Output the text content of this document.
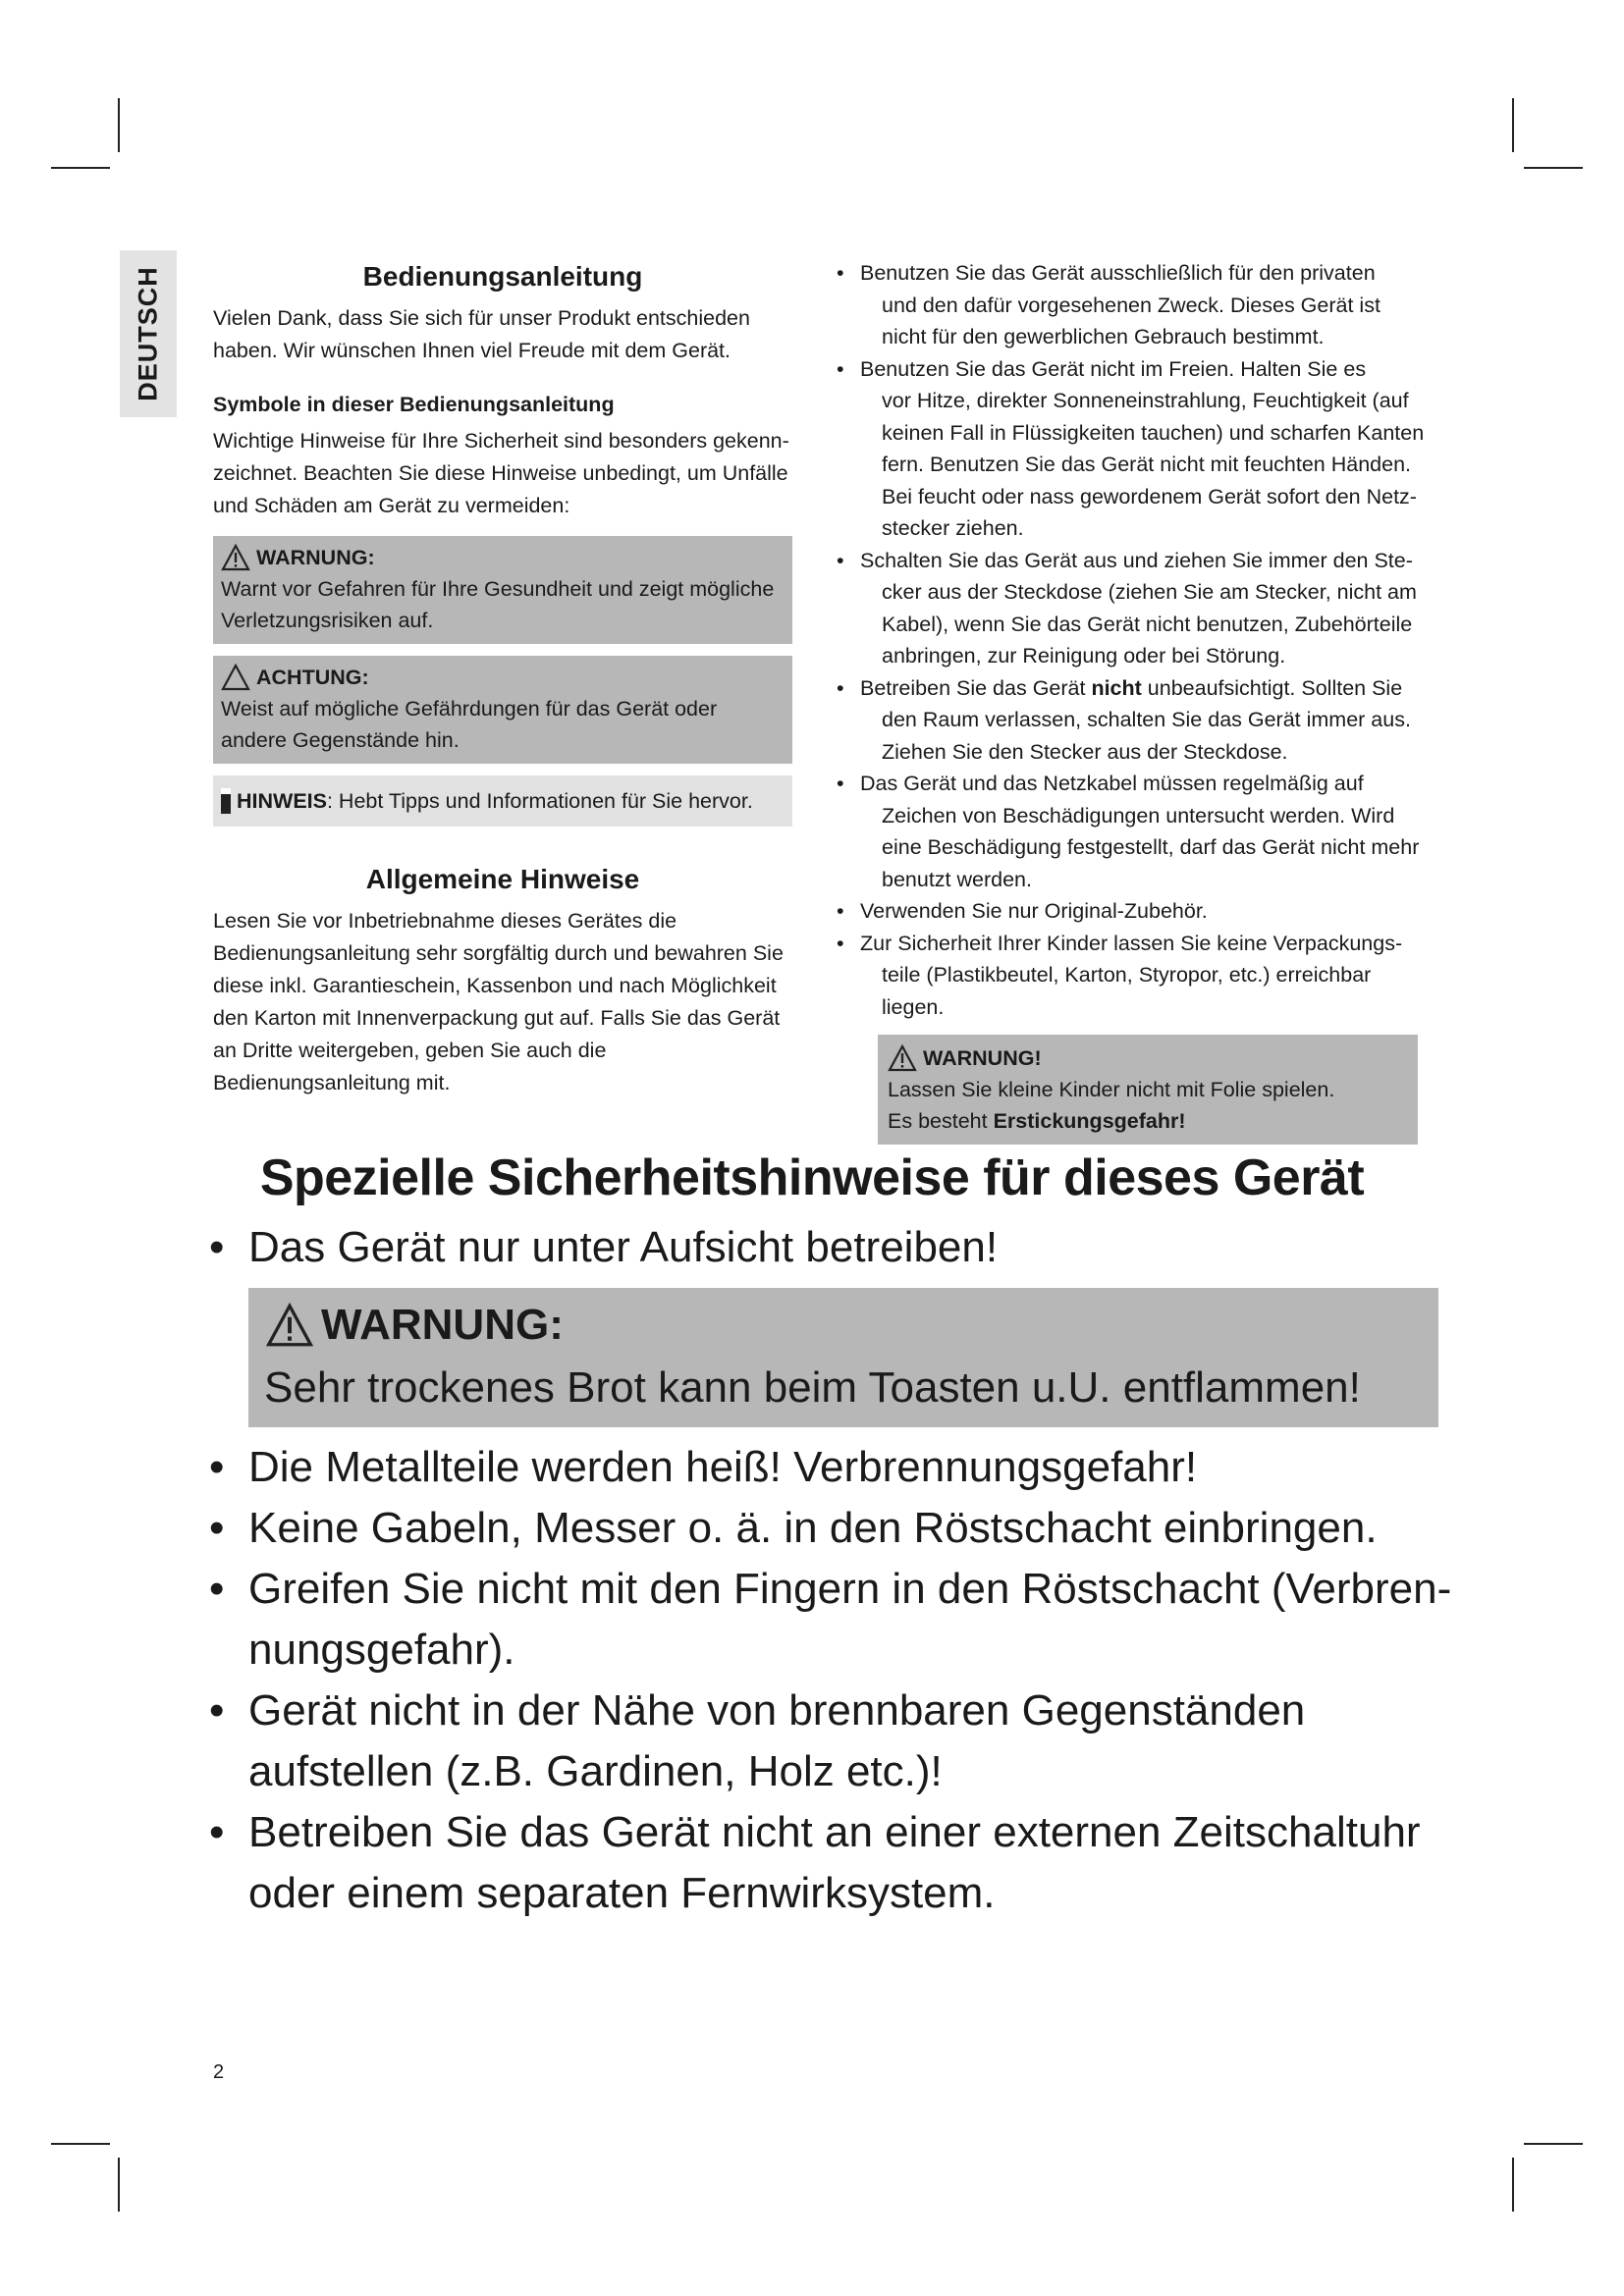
DEUTSCH	Bedienungsanleitung

Vielen Dank, dass Sie sich für unser Produkt entschieden haben. Wir wünschen Ihnen viel Freude mit dem Gerät.

Symbole in dieser Bedienungsanleitung

Wichtige Hinweise für Ihre Sicherheit sind besonders gekennzeichnet. Beachten Sie diese Hinweise unbedingt, um Unfälle und Schäden am Gerät zu vermeiden:

WARNUNG:
Warnt vor Gefahren für Ihre Gesundheit und zeigt mögliche Verletzungsrisiken auf.
ACHTUNG:
Weist auf mögliche Gefährdungen für das Gerät oder andere Gegenstände hin.
HINWEIS: Hebt Tipps und Informationen für Sie hervor.
Allgemeine Hinweise

Lesen Sie vor Inbetriebnahme dieses Gerätes die Bedienungsanleitung sehr sorgfältig durch und bewahren Sie diese inkl. Garantieschein, Kassenbon und nach Möglichkeit den Karton mit Innenverpackung gut auf. Falls Sie das Gerät an Dritte weitergeben, geben Sie auch die Bedienungsanleitung mit.

• Benutzen Sie das Gerät ausschließlich für den privaten
und den dafür vorgesehenen Zweck. Dieses Gerät ist nicht für den gewerblichen Gebrauch bestimmt.
• Benutzen Sie das Gerät nicht im Freien. Halten Sie es
vor Hitze, direkter Sonneneinstrahlung, Feuchtigkeit (auf keinen Fall in Flüssigkeiten tauchen) und scharfen Kanten fern. Benutzen Sie das Gerät nicht mit feuchten Händen. Bei feucht oder nass gewordenem Gerät sofort den Netzstecker ziehen.
• Schalten Sie das Gerät aus und ziehen Sie immer den Ste-
cker aus der Steckdose (ziehen Sie am Stecker, nicht am Kabel), wenn Sie das Gerät nicht benutzen, Zubehörteile anbringen, zur Reinigung oder bei Störung.
• Betreiben Sie das Gerät nicht unbeaufsichtigt. Sollten Sie
den Raum verlassen, schalten Sie das Gerät immer aus. Ziehen Sie den Stecker aus der Steckdose.
• Das Gerät und das Netzkabel müssen regelmäßig auf
Zeichen von Beschädigungen untersucht werden. Wird eine Beschädigung festgestellt, darf das Gerät nicht mehr benutzt werden.
• Verwenden Sie nur Original-Zubehör.
• Zur Sicherheit Ihrer Kinder lassen Sie keine Verpackungs-
teile (Plastikbeutel, Karton, Styropor, etc.) erreichbar liegen.
WARNUNG!
Lassen Sie kleine Kinder nicht mit Folie spielen.
Es besteht Erstickungsgefahr!
Spezielle Sicherheitshinweise für dieses Gerät
• Das Gerät nur unter Aufsicht betreiben!
WARNUNG:
Sehr trockenes Brot kann beim Toasten u.U. entflammen!
• Die Metallteile werden heiß! Verbrennungsgefahr!
• Keine Gabeln, Messer o. ä. in den Röstschacht einbringen.
• Greifen Sie nicht mit den Fingern in den Röstschacht (Verbrennungsgefahr).
• Gerät nicht in der Nähe von brennbaren Gegenständen aufstellen (z.B. Gardinen, Holz etc.)!
• Betreiben Sie das Gerät nicht an einer externen Zeitschaltuhr oder einem separaten Fernwirksystem.
2
